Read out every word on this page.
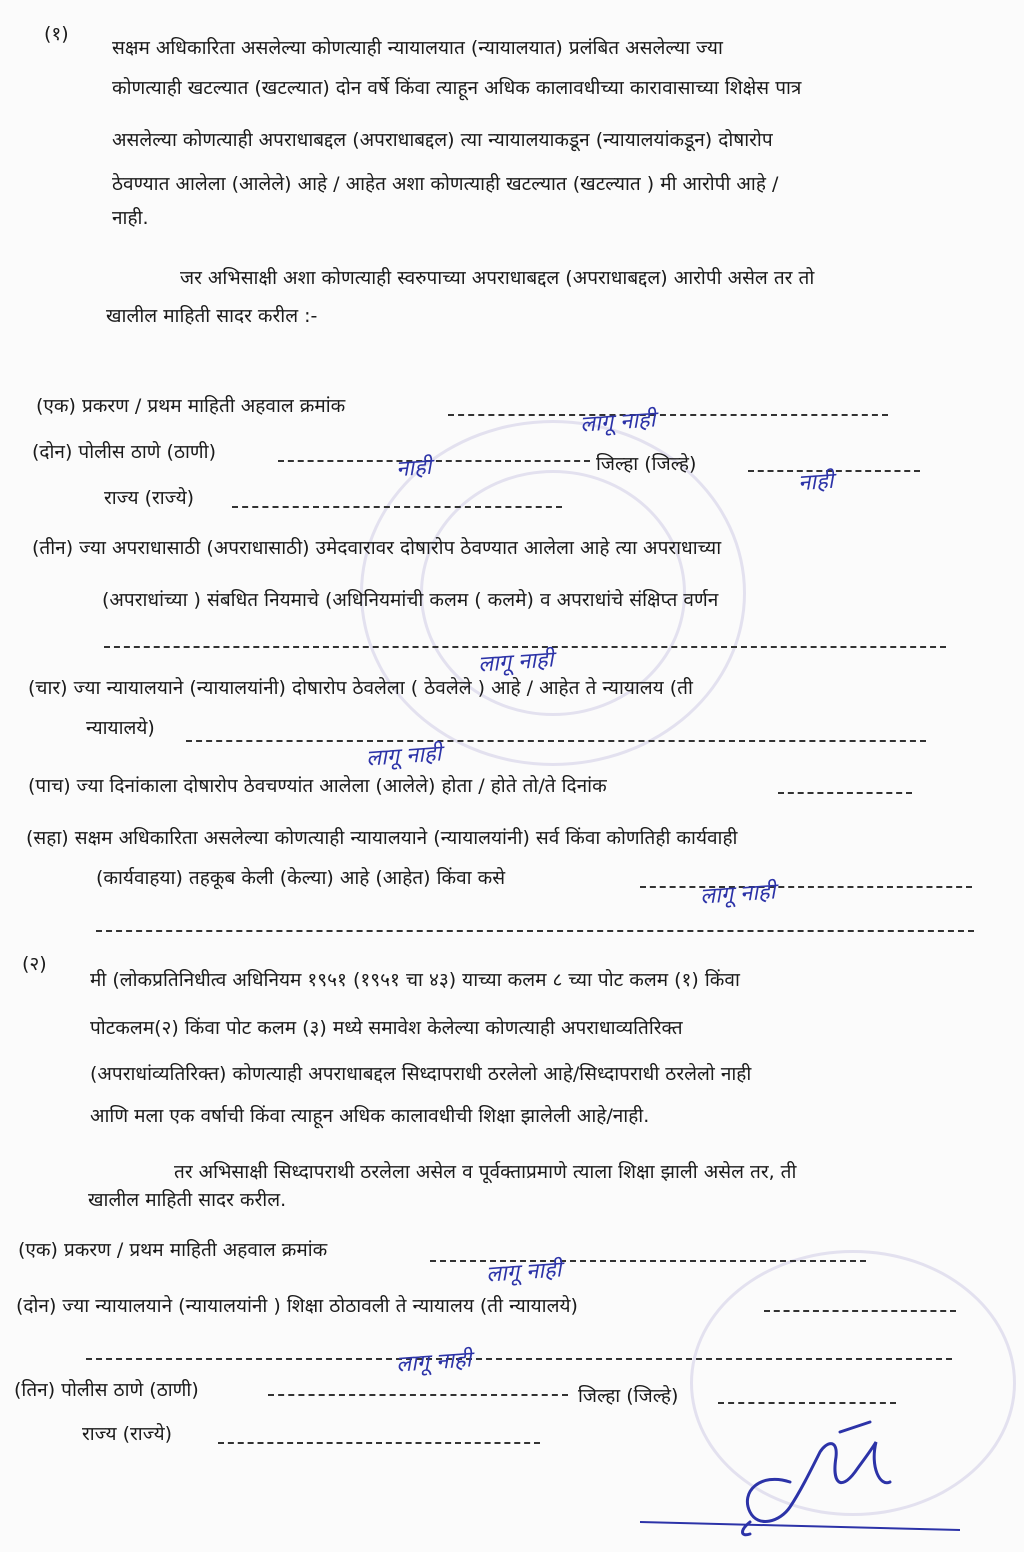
(१)
सक्षम अधिकारिता असलेल्या कोणत्याही न्यायालयात (न्यायालयात) प्रलंबित असलेल्या ज्या
कोणत्याही खटल्यात (खटल्यात) दोन वर्षे किंवा त्याहून अधिक कालावधीच्या कारावासाच्या शिक्षेस पात्र
असलेल्या कोणत्याही अपराधाबद्दल (अपराधाबद्दल) त्या न्यायालयाकडून (न्यायालयांकडून) दोषारोप
ठेवण्यात आलेला (आलेले) आहे / आहेत अशा कोणत्याही खटल्यात (खटल्यात ) मी आरोपी आहे /
नाही.
जर अभिसाक्षी अशा कोणत्याही स्वरुपाच्या अपराधाबद्दल (अपराधाबद्दल) आरोपी असेल तर तो
खालील माहिती सादर करील :-
(एक) प्रकरण / प्रथम माहिती अहवाल क्रमांक
लागू नाही
(दोन) पोलीस ठाणे (ठाणी)
नाही	जिल्हा (जिल्हे)
नाही
राज्य (राज्ये)
(तीन) ज्या अपराधासाठी (अपराधासाठी) उमेदवारावर दोषारोप ठेवण्यात आलेला आहे त्या अपराधाच्या
(अपराधांच्या ) संबधित नियमाचे (अधिनियमांची कलम ( कलमे) व अपराधांचे संक्षिप्त वर्णन
लागू नाही
(चार) ज्या न्यायालयाने (न्यायालयांनी) दोषारोप ठेवलेला ( ठेवलेले ) आहे / आहेत ते न्यायालय (ती
न्यायालये)
लागू नाही
(पाच) ज्या दिनांकाला दोषारोप ठेवचण्यांत आलेला (आलेले) होता / होते तो/ते दिनांक
(सहा) सक्षम अधिकारिता असलेल्या कोणत्याही न्यायालयाने (न्यायालयांनी) सर्व किंवा कोणतिही कार्यवाही
(कार्यवाहया) तहकूब केली (केल्या) आहे (आहेत) किंवा कसे
लागू नाही
(२)
मी (लोकप्रतिनिधीत्व अधिनियम १९५१ (१९५१ चा ४३) याच्या कलम ८ च्या पोट कलम (१) किंवा
पोटकलम(२) किंवा पोट कलम (३) मध्ये समावेश केलेल्या कोणत्याही अपराधाव्यतिरिक्त
(अपराधांव्यतिरिक्त) कोणत्याही अपराधाबद्दल सिध्दापराधी ठरलेलो आहे/सिध्दापराधी ठरलेलो नाही
आणि मला एक वर्षाची किंवा त्याहून अधिक कालावधीची शिक्षा झालेली आहे/नाही.
तर अभिसाक्षी सिध्दापराथी ठरलेला असेल व पूर्वक्ताप्रमाणे त्याला शिक्षा झाली असेल तर, ती
खालील माहिती सादर करील.
(एक) प्रकरण / प्रथम माहिती अहवाल क्रमांक
लागू नाही
(दोन) ज्या न्यायालयाने (न्यायालयांनी ) शिक्षा ठोठावली ते न्यायालय (ती न्यायालये)
लागू नाही
(तिन) पोलीस ठाणे (ठाणी)	जिल्हा (जिल्हे)
राज्य (राज्ये)
